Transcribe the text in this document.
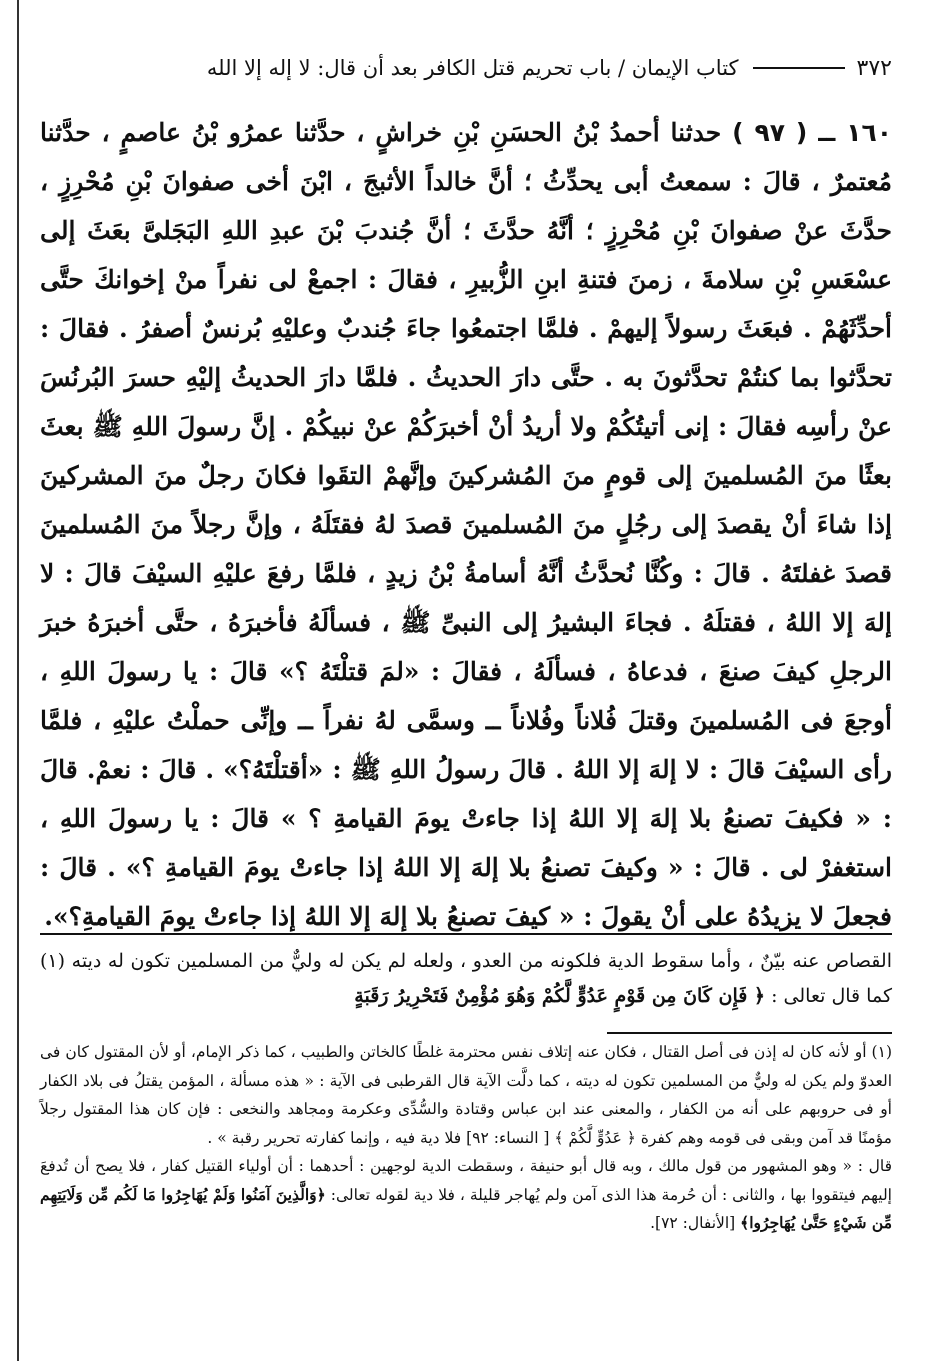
٣٧٢
كتاب الإيمان / باب تحريم قتل الكافر بعد أن قال: لا إله إلا الله
١٦٠ ــ ( ٩٧ ) حدثنا أحمدُ بْنُ الحسَنِ بْنِ خراشٍ ، حدَّثنا عمرُو بْنُ عاصمٍ ، حدَّثنا مُعتمرٌ ، قالَ : سمعتُ أبى يحدِّثُ ؛ أنَّ خالداً الأثبجَ ، ابْنَ أخى صفوانَ بْنِ مُحْرِزٍ ، حدَّثَ عنْ صفوانَ بْنِ مُحْرِزٍ ؛ أنَّهُ حدَّثَ ؛ أنَّ جُندبَ بْنَ عبدِ اللهِ البَجَلىَّ بعَثَ إلى عسْعَسِ بْنِ سلامةَ ، زمنَ فتنةِ ابنِ الزُّبيرِ ، فقالَ : اجمعْ لى نفراً منْ إخوانكَ حتَّى أحدِّثَهُمْ . فبعَثَ رسولاً إليهمْ . فلمَّا اجتمعُوا جاءَ جُندبٌ وعليْهِ بُرنسٌ أصفرُ . فقالَ : تحدَّثوا بما كنتُمْ تحدَّثونَ به . حتَّى دارَ الحديثُ . فلمَّا دارَ الحديثُ إليْهِ حسرَ البُرنُسَ عنْ رأسِه فقالَ : إنى أتيتُكُمْ ولا أريدُ أنْ أخبرَكُمْ عنْ نبيكُمْ . إنَّ رسولَ اللهِ ﷺ بعثَ بعثًا منَ المُسلمينَ إلى قومٍ منَ المُشركينَ وإنَّهمْ التقَوا فكانَ رجلٌ منَ المشركينَ إذا شاءَ أنْ يقصدَ إلى رجُلٍ منَ المُسلمينَ قصدَ لهُ فقتَلَهُ ، وإنَّ رجلاً منَ المُسلمينَ قصدَ غفلتَهُ . قالَ : وكُنَّا نُحدَّثُ أنَّهُ أسامةُ بْنُ زيدٍ ، فلمَّا رفعَ عليْهِ السيْفَ قالَ : لا إلهَ إلا اللهُ ، فقتلَهُ . فجاءَ البشيرُ إلى النبىِّ ﷺ ، فسألَهُ فأخبرَهُ ، حتَّى أخبرَهُ خبرَ الرجلِ كيفَ صنعَ ، فدعاهُ ، فسألَهُ ، فقالَ : «لمَ قتلْتَهُ ؟» قالَ : يا رسولَ اللهِ ، أوجعَ فى المُسلمينَ وقتلَ فُلاناً وفُلاناً ــ وسمَّى لهُ نفراً ــ وإنِّى حملْتُ عليْهِ ، فلمَّا رأى السيْفَ قالَ : لا إلهَ إلا اللهُ . قالَ رسولُ اللهِ ﷺ : «أقتلْتَهُ؟» . قالَ : نعمْ. قالَ : « فكيفَ تصنعُ بلا إلهَ إلا اللهُ إذا جاءتْ يومَ القيامةِ ؟ » قالَ : يا رسولَ اللهِ ، استغفرْ لى . قالَ : « وكيفَ تصنعُ بلا إلهَ إلا اللهُ إذا جاءتْ يومَ القيامةِ ؟» . قالَ : فجعلَ لا يزيدُهُ على أنْ يقولَ : « كيفَ تصنعُ بلا إلهَ إلا اللهُ إذا جاءتْ يومَ القيامةِ؟».
القصاص عنه بيّنٌ ، وأما سقوط الدية فلكونه من العدو ، ولعله لم يكن له وليٌّ من المسلمين تكون له ديته (١) كما قال تعالى : ﴿ فَإِن كَانَ مِن قَوْمٍ عَدُوٍّ لَّكُمْ وَهُوَ مُؤْمِنٌ فَتَحْرِيرُ رَقَبَةٍ
(١) أو لأنه كان له إذن فى أصل القتال ، فكان عنه إتلاف نفس محترمة غلطًا كالخاتن والطبيب ، كما ذكر الإمام، أو لأن المقتول كان فى العدوّ ولم يكن له وليٌّ من المسلمين تكون له ديته ، كما دلَّت الآية قال القرطبى فى الآية : « هذه مسألة ، المؤمن يقتلُ فى بلاد الكفار أو فى حروبهم على أنه من الكفار ، والمعنى عند ابن عباس وقتادة والسُّدِّى وعكرمة ومجاهد والنخعى : فإن كان هذا المقتول رجلاً مؤمنًا قد آمن وبقى فى قومه وهم كفرة ﴿ عَدُوٍّ لَّكُمْ ﴾ [ النساء: ٩٢] فلا دية فيه ، وإنما كفارته تحرير رقبة » .
قال : « وهو المشهور من قول مالك ، وبه قال أبو حنيفة ، وسقطت الدية لوجهين : أحدهما : أن أولياء القتيل كفار ، فلا يصح أن تُدفعَ إليهم فيتقووا بها ، والثانى : أن حُرمة هذا الذى آمن ولم يُهاجر قليلة ، فلا دية لقوله تعالى: ﴿وَالَّذِينَ آمَنُوا وَلَمْ يُهَاجِرُوا مَا لَكُم مِّن وَلَايَتِهِم مِّن شَيْءٍ حَتَّىٰ يُهَاجِرُوا﴾ [الأنفال: ٧٢].
